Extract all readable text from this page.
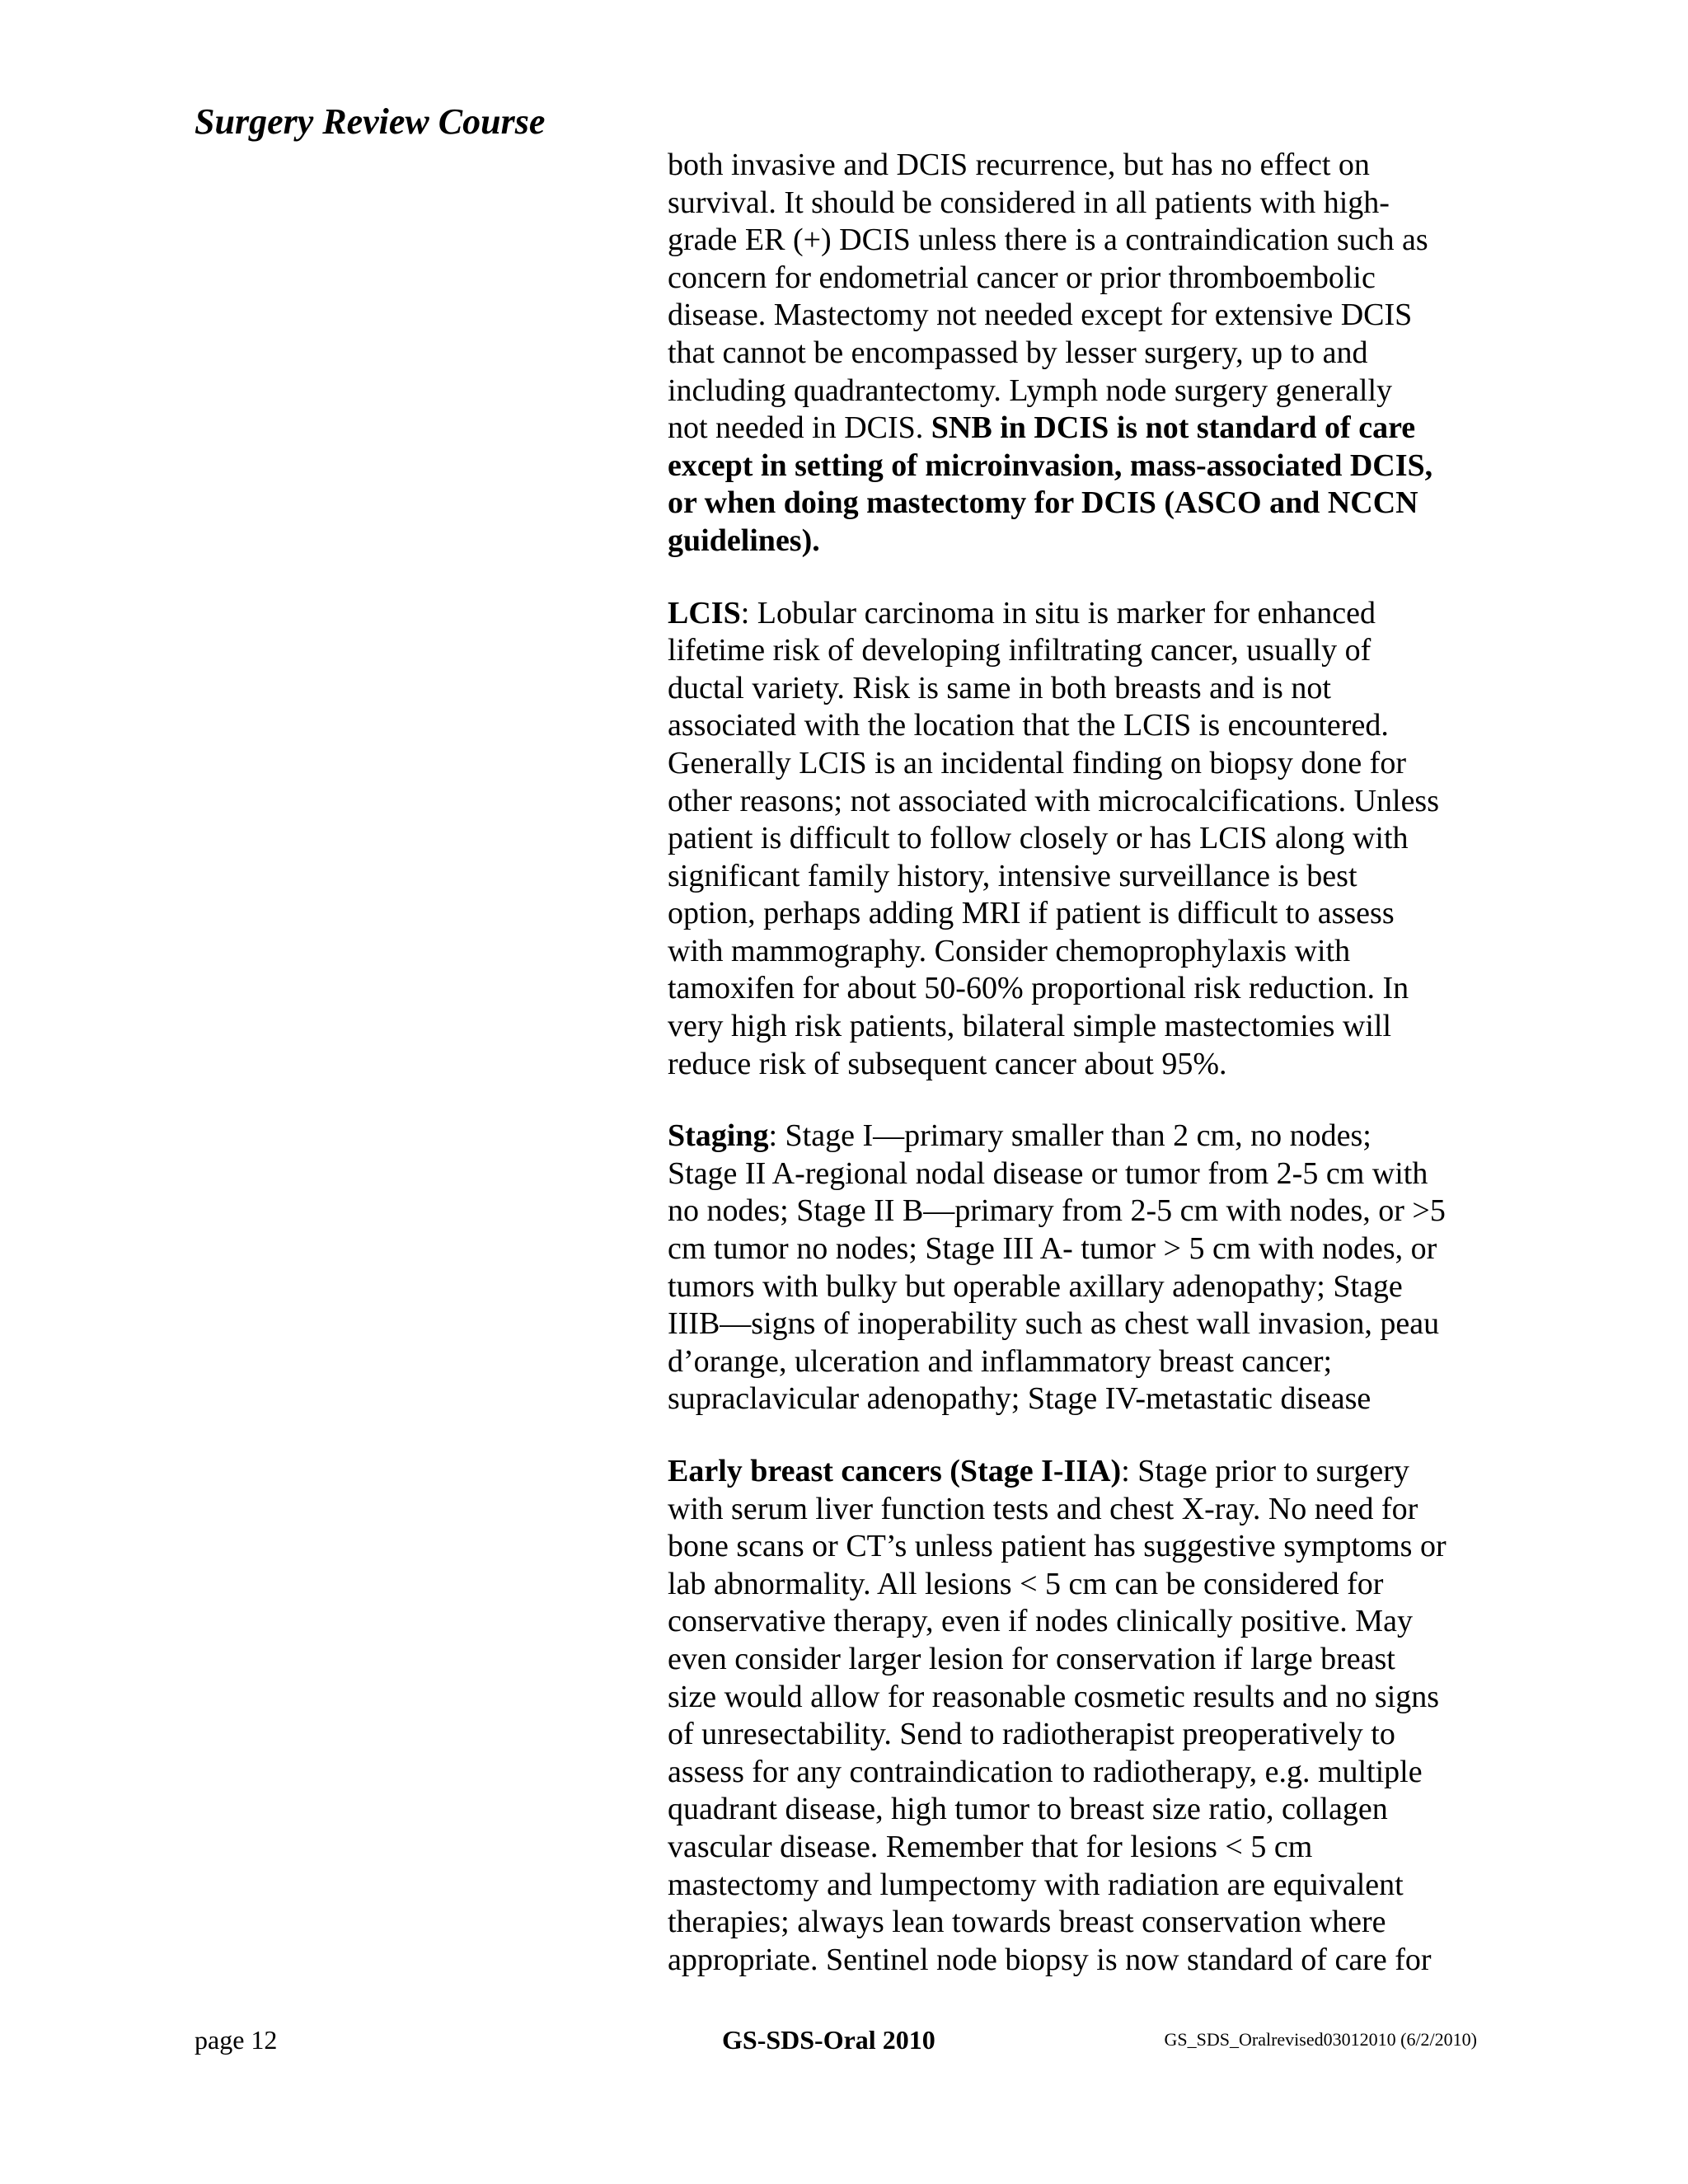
Surgery Review Course

both invasive and DCIS recurrence, but has no effect on
survival. It should be considered in all patients with high-
grade ER (+) DCIS unless there is a contraindication such as
concern for endometrial cancer or prior thromboembolic
disease. Mastectomy not needed except for extensive DCIS
that cannot be encompassed by lesser surgery, up to and
including quadrantectomy. Lymph node surgery generally
not needed in DCIS. SNB in DCIS is not standard of care
except in setting of microinvasion, mass-associated DCIS,
or when doing mastectomy for DCIS (ASCO and NCCN
guidelines).

LCIS: Lobular carcinoma in situ is marker for enhanced
lifetime risk of developing infiltrating cancer, usually of
ductal variety. Risk is same in both breasts and is not
associated with the location that the LCIS is encountered.
Generally LCIS is an incidental finding on biopsy done for
other reasons; not associated with microcalcifications. Unless
patient is difficult to follow closely or has LCIS along with
significant family history, intensive surveillance is best
option, perhaps adding MRI if patient is difficult to assess
with mammography. Consider chemoprophylaxis with
tamoxifen for about 50-60% proportional risk reduction. In
very high risk patients, bilateral simple mastectomies will
reduce risk of subsequent cancer about 95%.

Staging: Stage I—primary smaller than 2 cm, no nodes;
Stage II A-regional nodal disease or tumor from 2-5 cm with
no nodes; Stage II B—primary from 2-5 cm with nodes, or >5
cm tumor no nodes; Stage III A- tumor > 5 cm with nodes, or
tumors with bulky but operable axillary adenopathy; Stage
IIIB—signs of inoperability such as chest wall invasion, peau
d’orange, ulceration and inflammatory breast cancer;
supraclavicular adenopathy; Stage IV-metastatic disease

Early breast cancers (Stage I-IIA): Stage prior to surgery
with serum liver function tests and chest X-ray. No need for
bone scans or CT’s unless patient has suggestive symptoms or
lab abnormality. All lesions < 5 cm can be considered for
conservative therapy, even if nodes clinically positive. May
even consider larger lesion for conservation if large breast
size would allow for reasonable cosmetic results and no signs
of unresectability. Send to radiotherapist preoperatively to
assess for any contraindication to radiotherapy, e.g. multiple
quadrant disease, high tumor to breast size ratio, collagen
vascular disease. Remember that for lesions < 5 cm
mastectomy and lumpectomy with radiation are equivalent
therapies; always lean towards breast conservation where
appropriate. Sentinel node biopsy is now standard of care for

page 12	GS-SDS-Oral 2010	GS_SDS_Oralrevised03012010 (6/2/2010)
